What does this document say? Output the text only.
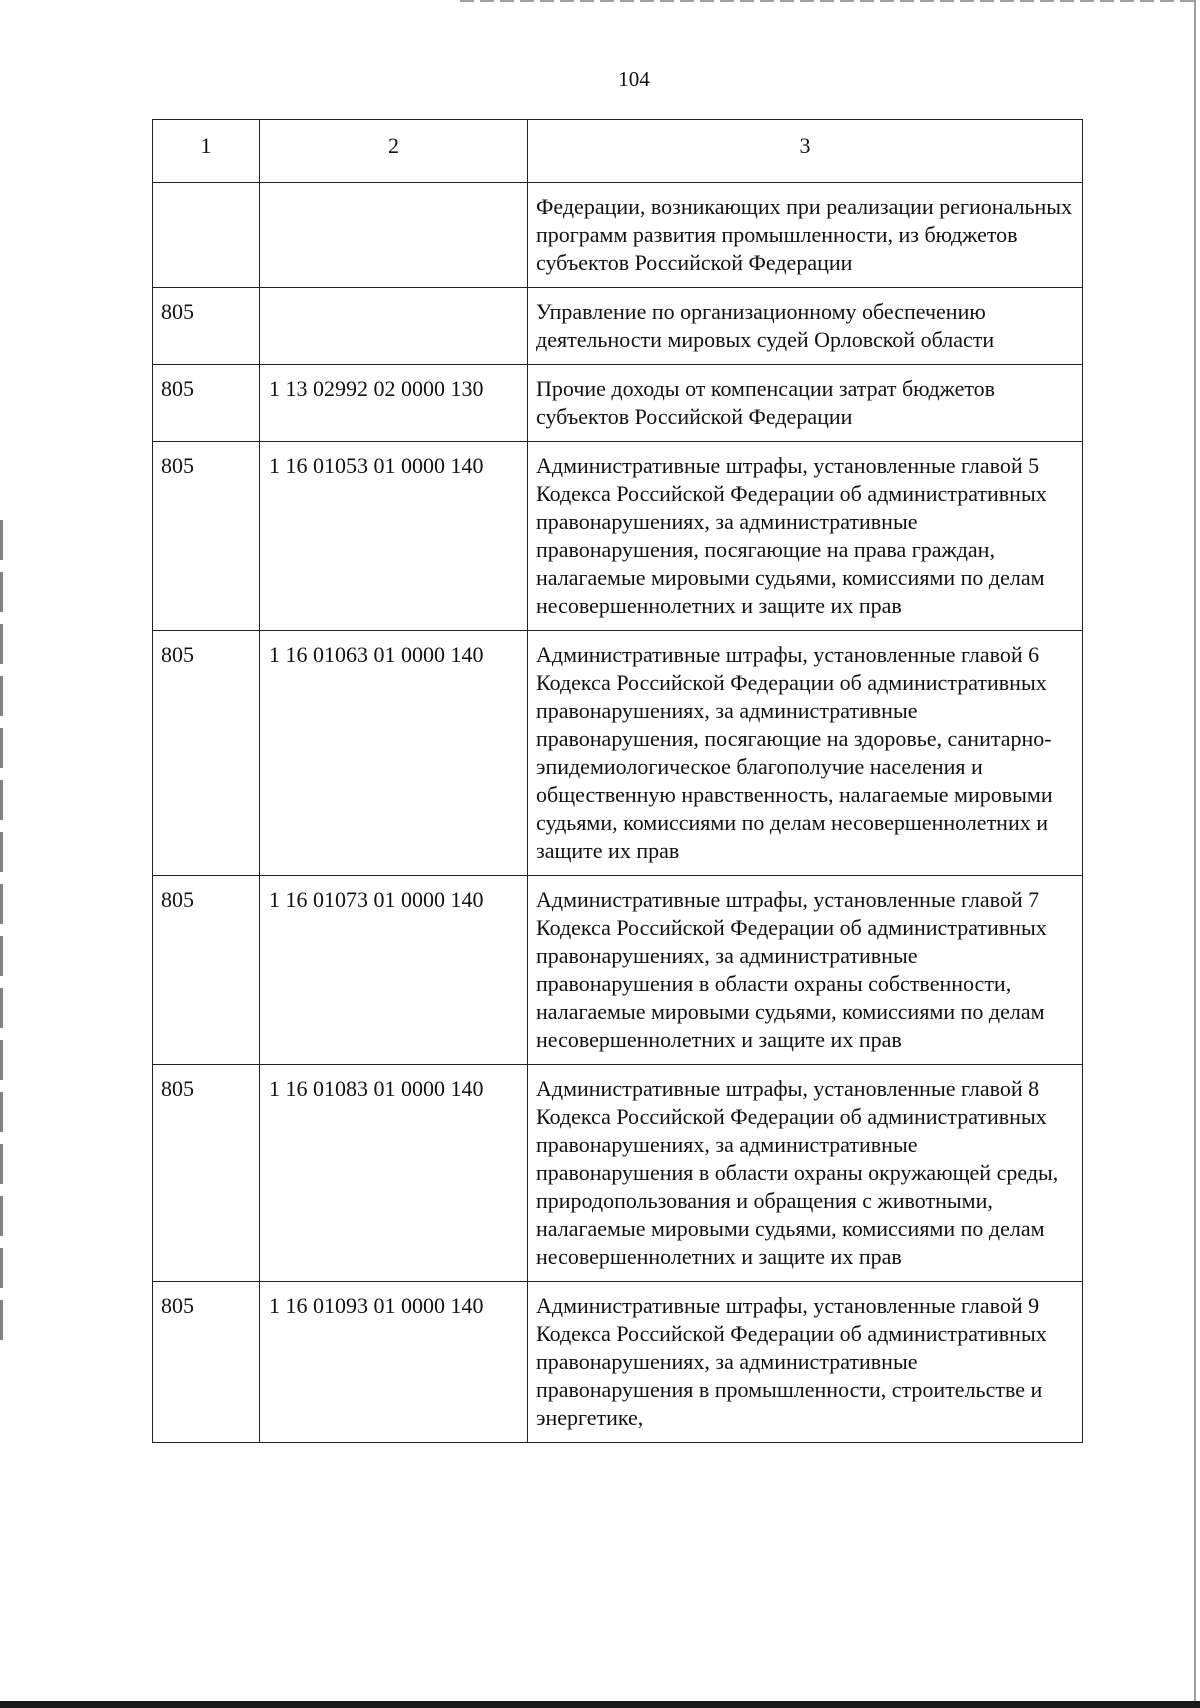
104
1	2	3
		Федерации, возникающих при реализации региональных программ развития промышленности, из бюджетов субъектов Российской Федерации
805		Управление по организационному обеспечению деятельности мировых судей Орловской области
805	1 13 02992 02 0000 130	Прочие доходы от компенсации затрат бюджетов субъектов Российской Федерации
805	1 16 01053 01 0000 140	Административные штрафы, установленные главой 5 Кодекса Российской Федерации об административных правонарушениях, за административные правонарушения, посягающие на права граждан, налагаемые мировыми судьями, комиссиями по делам несовершеннолетних и защите их прав
805	1 16 01063 01 0000 140	Административные штрафы, установленные главой 6 Кодекса Российской Федерации об административных правонарушениях, за административные правонарушения, посягающие на здоровье, санитарно-эпидемиологическое благополучие населения и общественную нравственность, налагаемые мировыми судьями, комиссиями по делам несовершеннолетних и защите их прав
805	1 16 01073 01 0000 140	Административные штрафы, установленные главой 7 Кодекса Российской Федерации об административных правонарушениях, за административные правонарушения в области охраны собственности, налагаемые мировыми судьями, комиссиями по делам несовершеннолетних и защите их прав
805	1 16 01083 01 0000 140	Административные штрафы, установленные главой 8 Кодекса Российской Федерации об административных правонарушениях, за административные правонарушения в области охраны окружающей среды, природопользования и обращения с животными, налагаемые мировыми судьями, комиссиями по делам несовершеннолетних и защите их прав
805	1 16 01093 01 0000 140	Административные штрафы, установленные главой 9 Кодекса Российской Федерации об административных правонарушениях, за административные правонарушения в промышленности, строительстве и энергетике,
